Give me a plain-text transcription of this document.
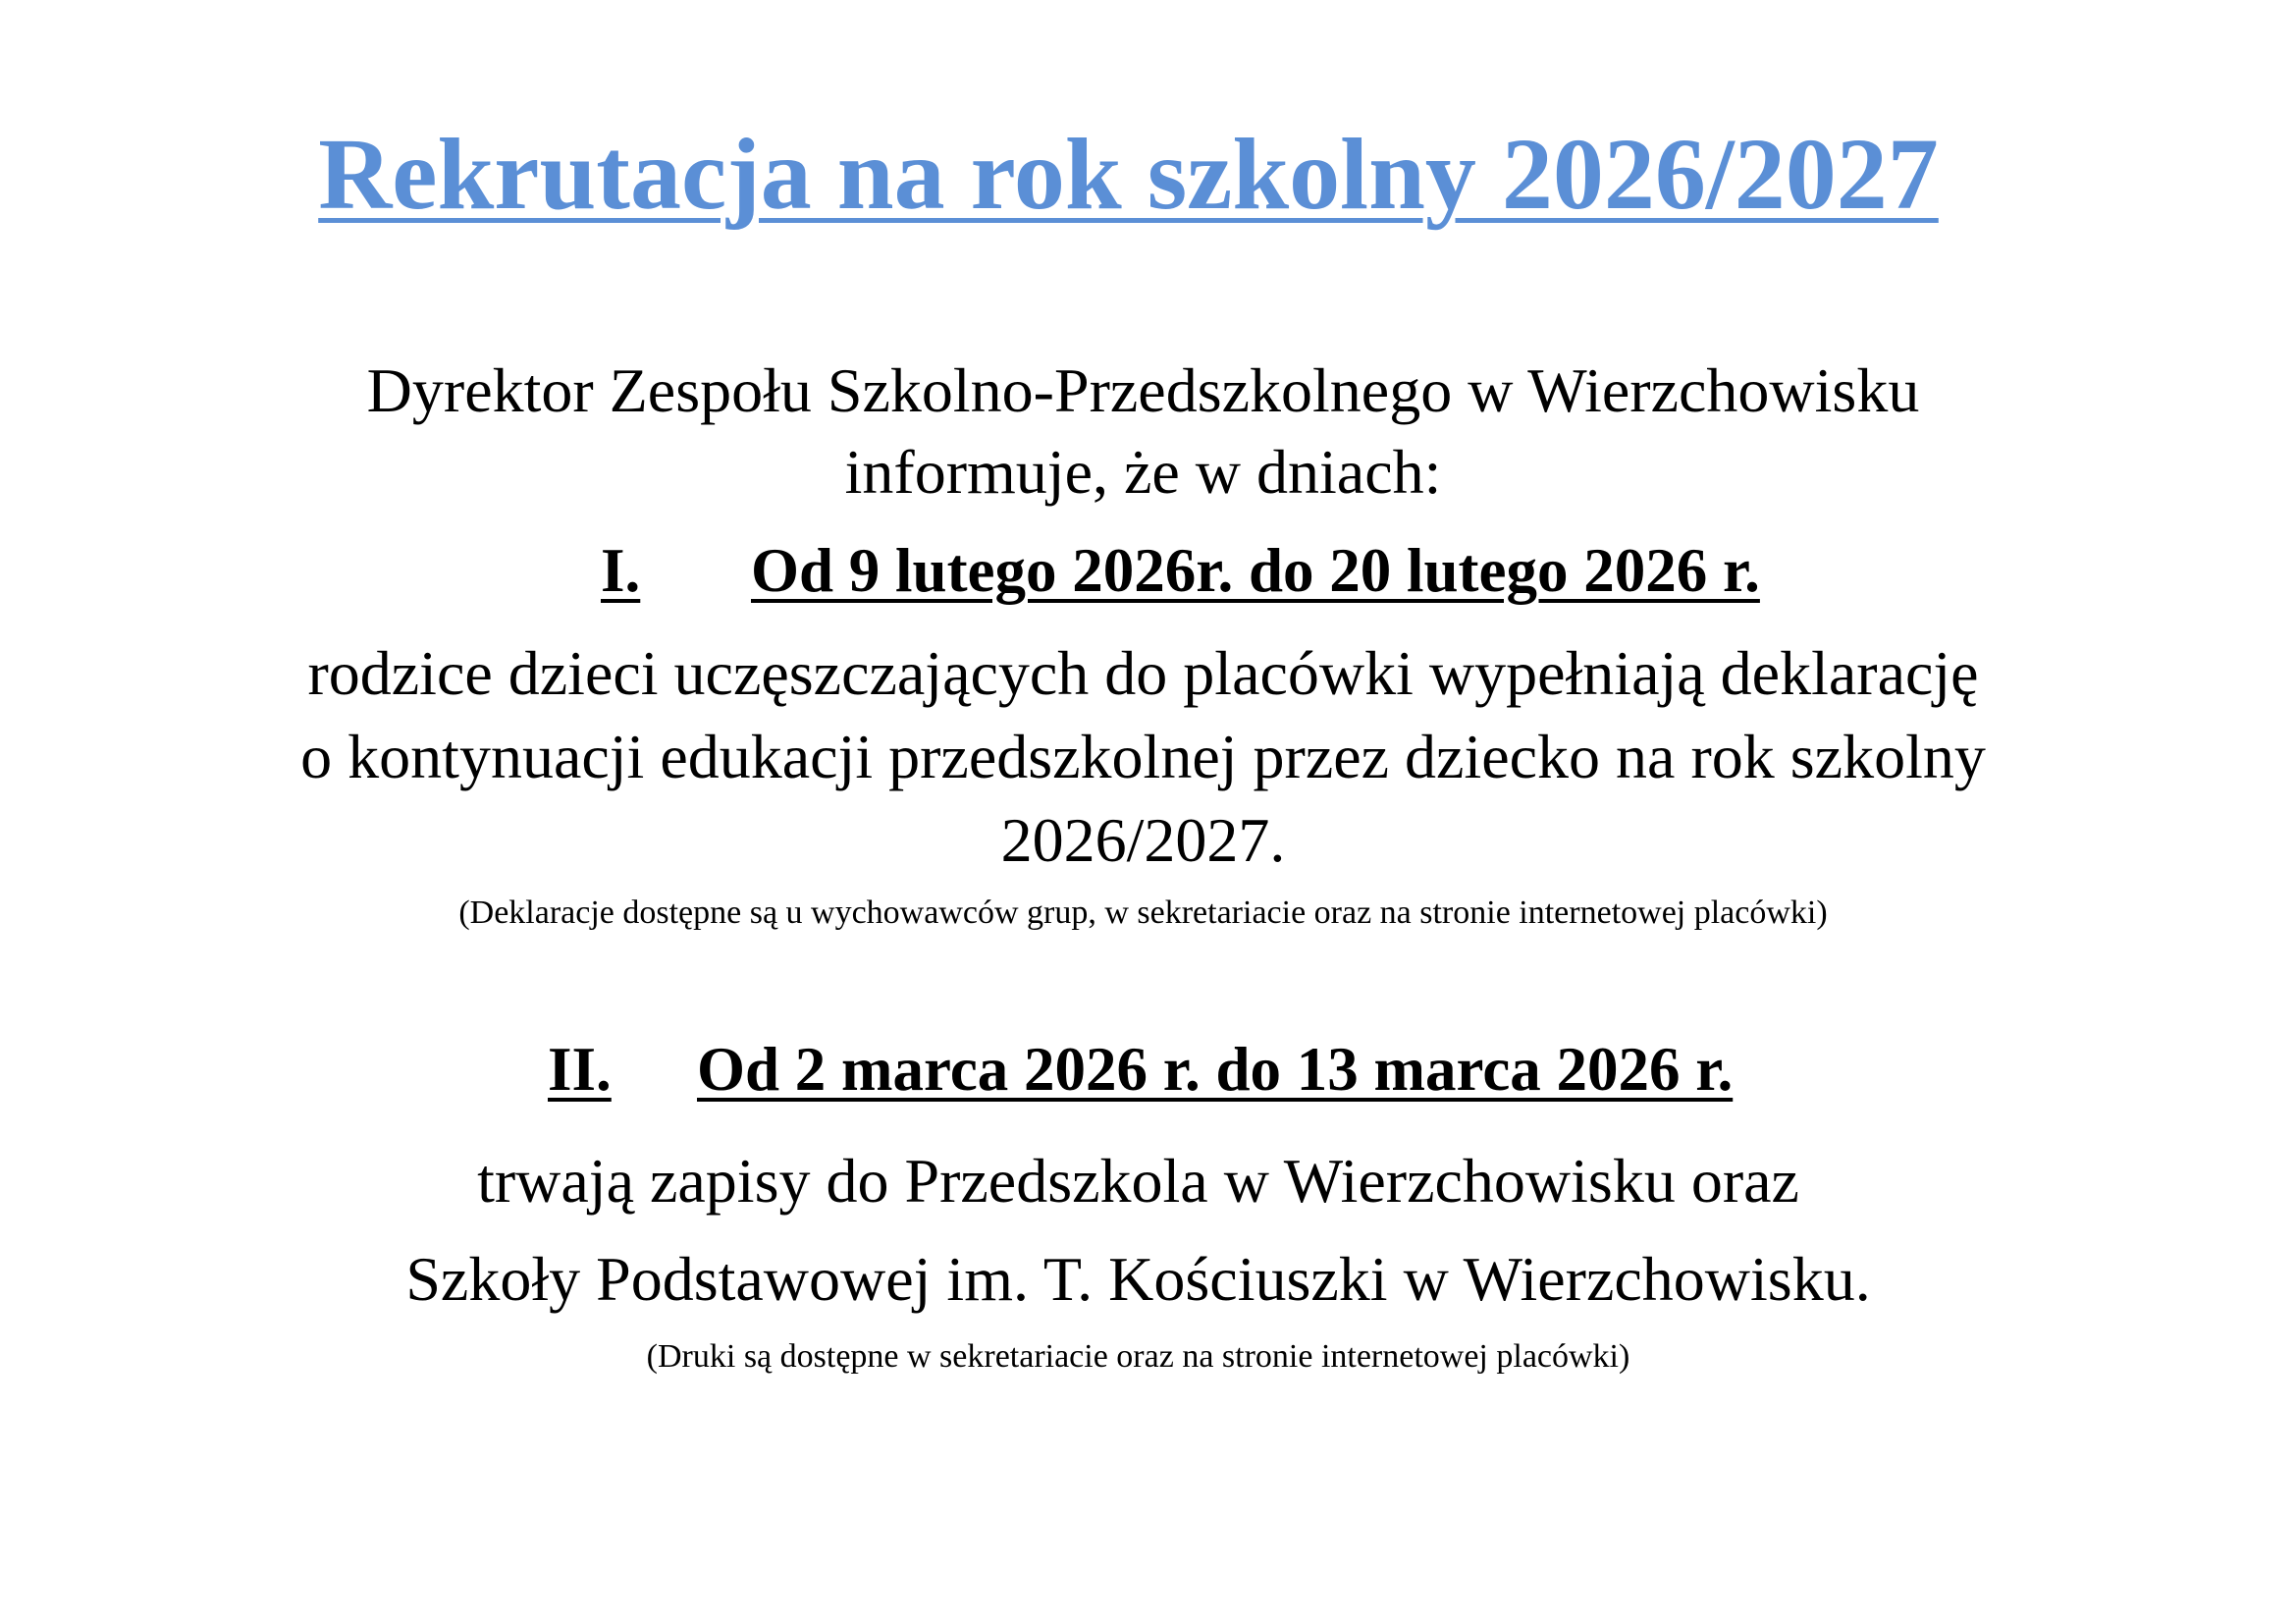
Rekrutacja na rok szkolny 2026/2027
Dyrektor Zespołu Szkolno-Przedszkolnego w Wierzchowisku
informuje, że w dniach:
I. Od 9 lutego 2026r. do 20 lutego 2026 r.
rodzice dzieci uczęszczających do placówki wypełniają deklarację
o kontynuacji edukacji przedszkolnej przez dziecko na rok szkolny
2026/2027.
(Deklaracje dostępne są u wychowawców grup, w sekretariacie oraz na stronie internetowej placówki)
II. Od 2 marca 2026 r. do 13 marca 2026 r.
trwają zapisy do Przedszkola w Wierzchowisku oraz
Szkoły Podstawowej im. T. Kościuszki w Wierzchowisku.
(Druki są dostępne w sekretariacie oraz na stronie internetowej placówki)
